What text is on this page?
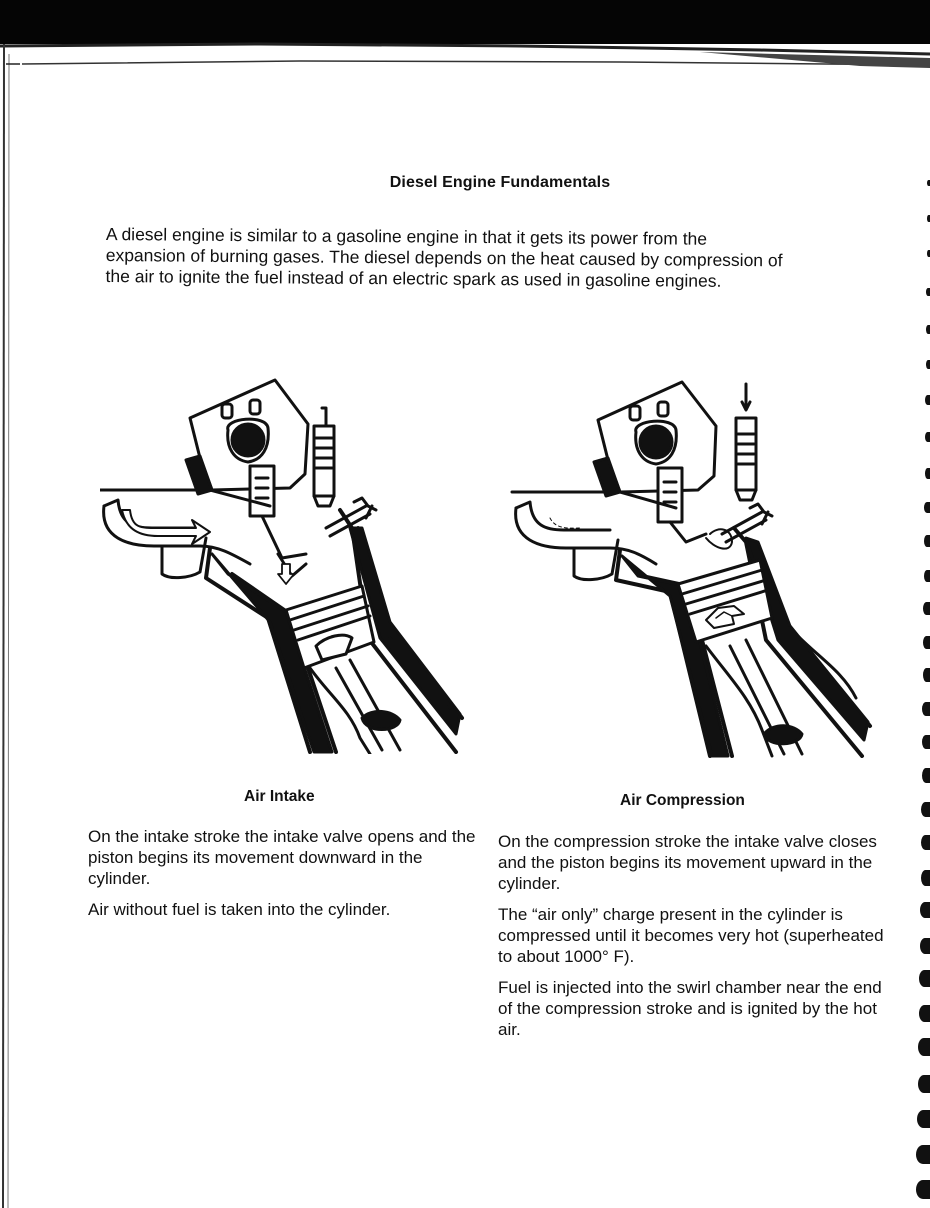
Diesel Engine Fundamentals

A diesel engine is similar to a gasoline engine in that it gets its power from the

expansion of burning gases. The diesel depends on the heat caused by compression of

the air to ignite the fuel instead of an electric spark as used in gasoline engines.

Air Intake	Air Compression

On the intake stroke the intake valve opens and the piston begins its movement downward in the cylinder.

Air without fuel is taken into the cylinder.

On the compression stroke the intake valve closes and the piston begins its movement upward in the cylinder.

The “air only” charge present in the cylinder is compressed until it becomes very hot (superheated to about 1000° F).

Fuel is injected into the swirl chamber near the end of the compression stroke and is ignited by the hot air.
